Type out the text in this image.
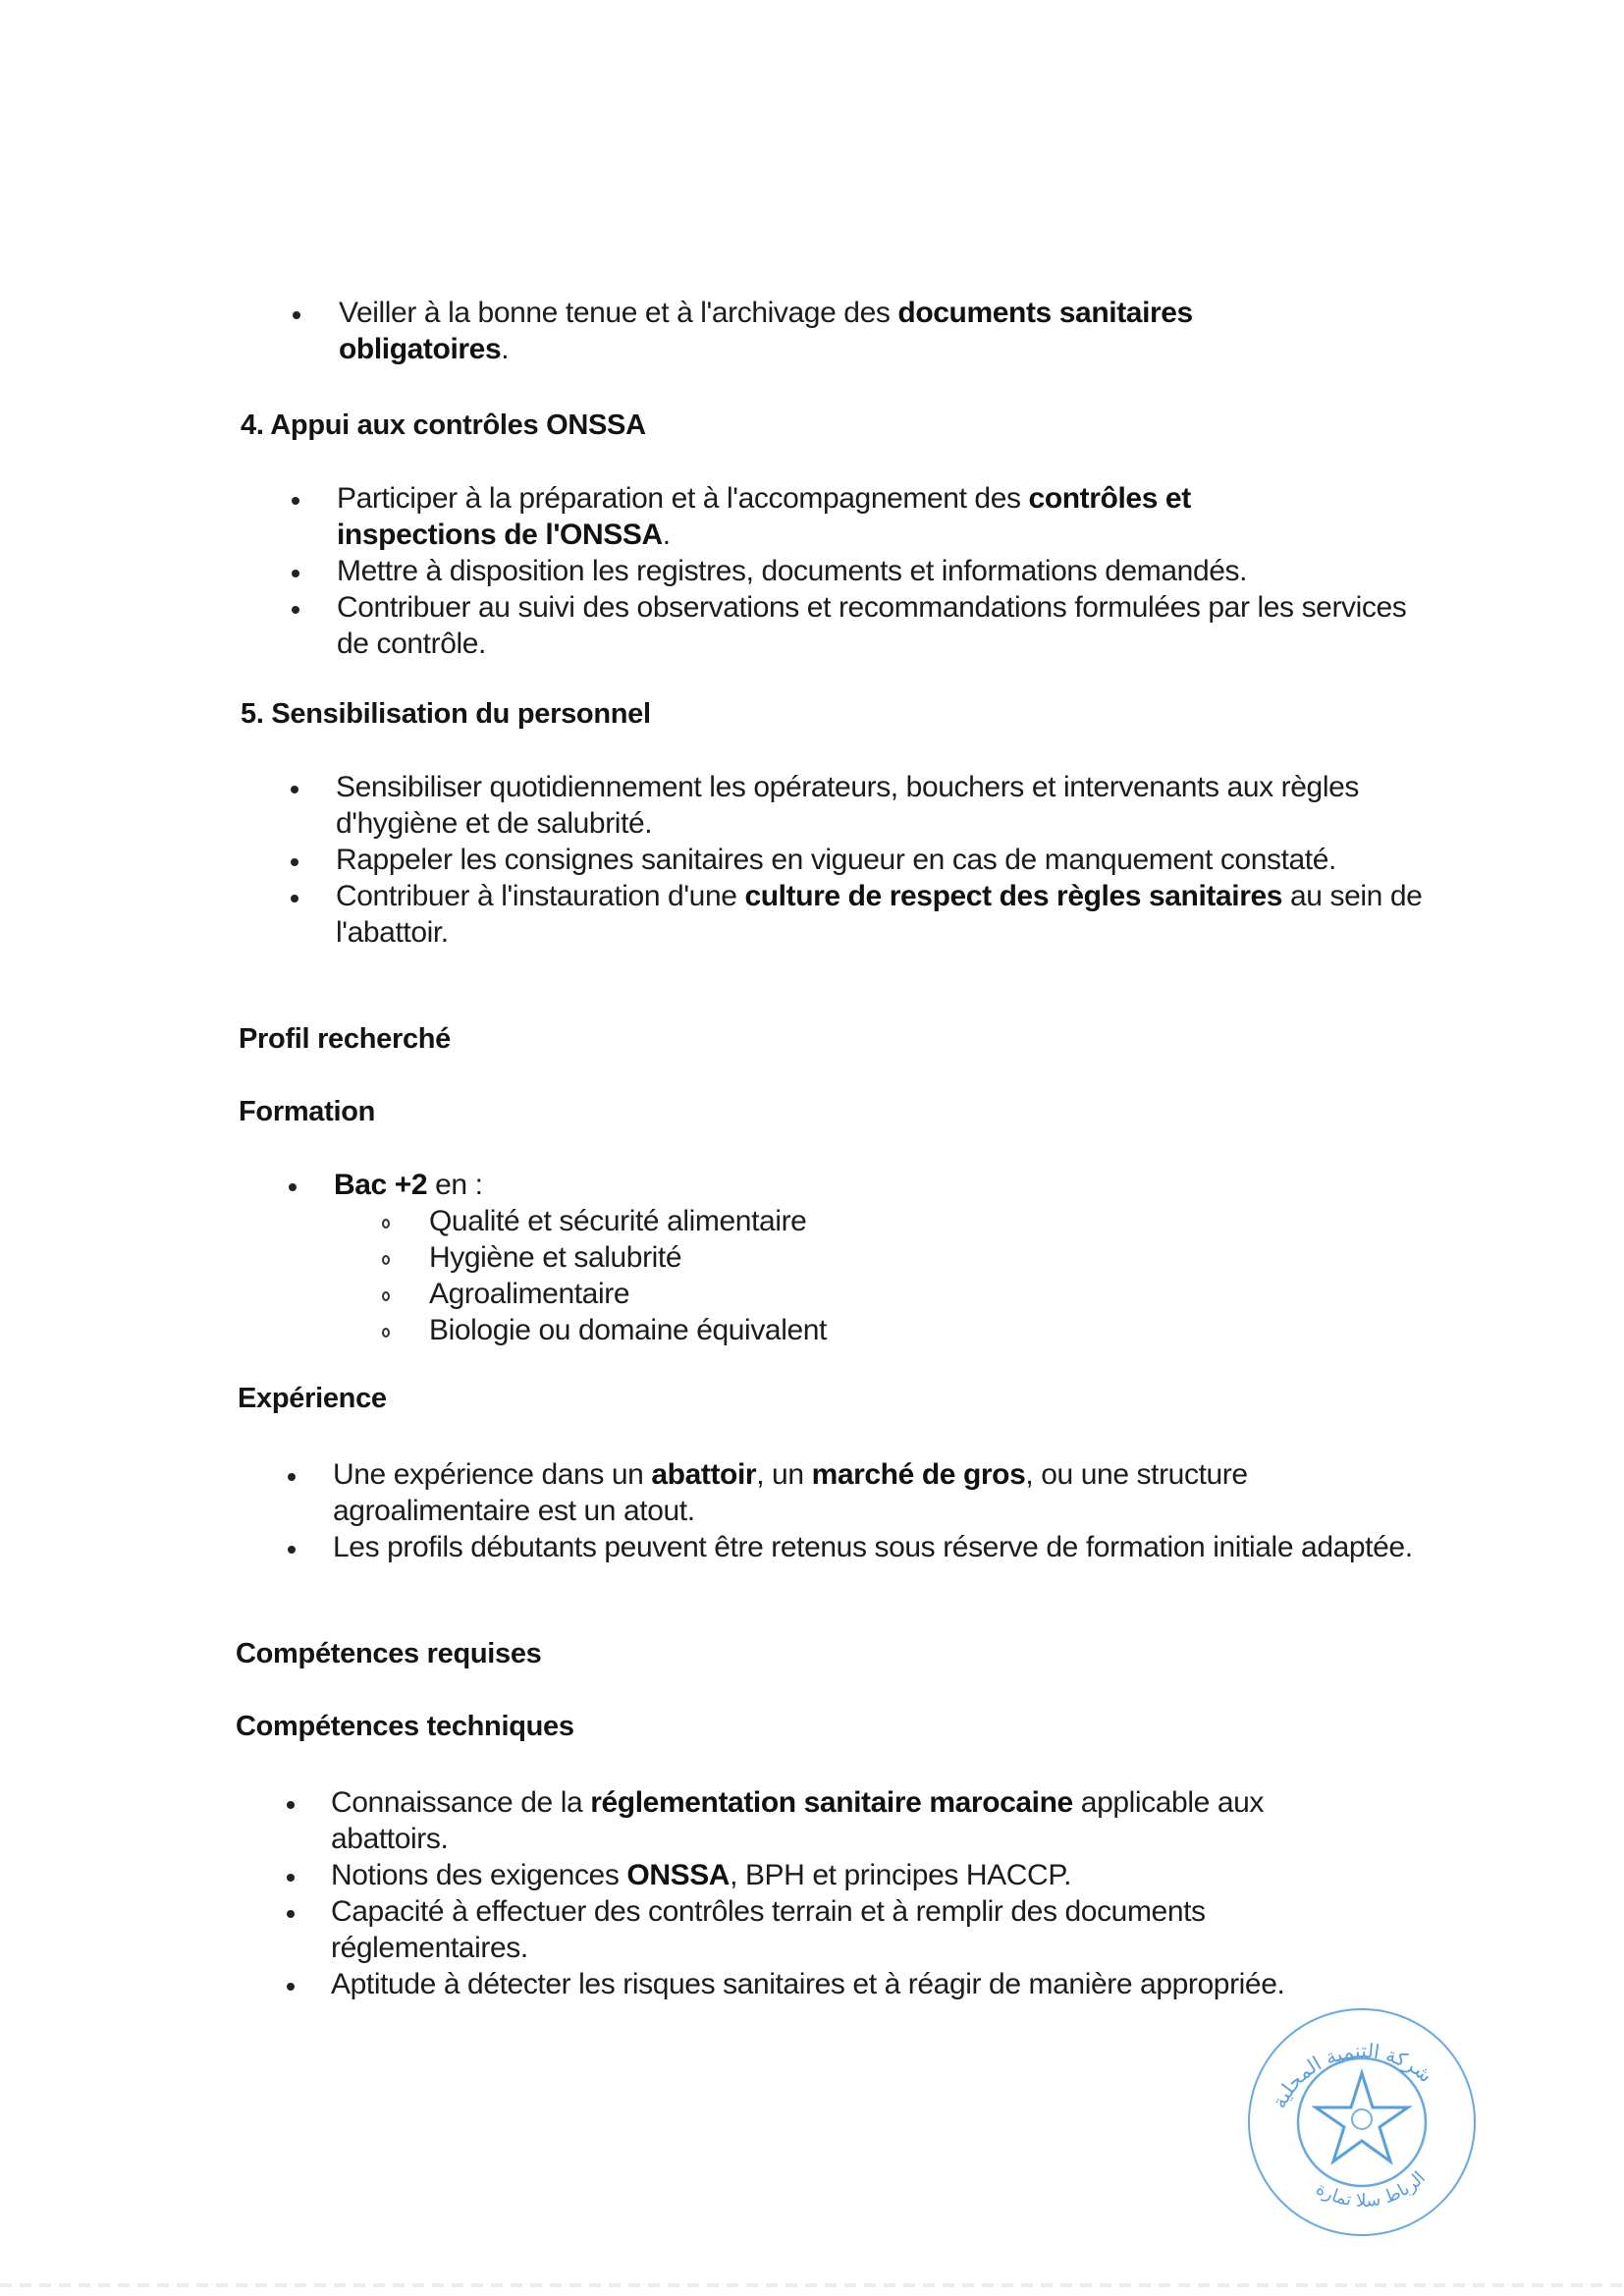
Veiller à la bonne tenue et à l'archivage des documents sanitaires obligatoires.
4. Appui aux contrôles ONSSA
Participer à la préparation et à l'accompagnement des contrôles et inspections de l'ONSSA.
Mettre à disposition les registres, documents et informations demandés.
Contribuer au suivi des observations et recommandations formulées par les services de contrôle.
5. Sensibilisation du personnel
Sensibiliser quotidiennement les opérateurs, bouchers et intervenants aux règles d'hygiène et de salubrité.
Rappeler les consignes sanitaires en vigueur en cas de manquement constaté.
Contribuer à l'instauration d'une culture de respect des règles sanitaires au sein de l'abattoir.
Profil recherché
Formation
Bac +2 en :
Qualité et sécurité alimentaire
Hygiène et salubrité
Agroalimentaire
Biologie ou domaine équivalent
Expérience
Une expérience dans un abattoir, un marché de gros, ou une structure agroalimentaire est un atout.
Les profils débutants peuvent être retenus sous réserve de formation initiale adaptée.
Compétences requises
Compétences techniques
Connaissance de la réglementation sanitaire marocaine applicable aux abattoirs.
Notions des exigences ONSSA, BPH et principes HACCP.
Capacité à effectuer des contrôles terrain et à remplir des documents réglementaires.
Aptitude à détecter les risques sanitaires et à réagir de manière appropriée.
شركة التنمية المحلية
الرباط سلا تمارة
